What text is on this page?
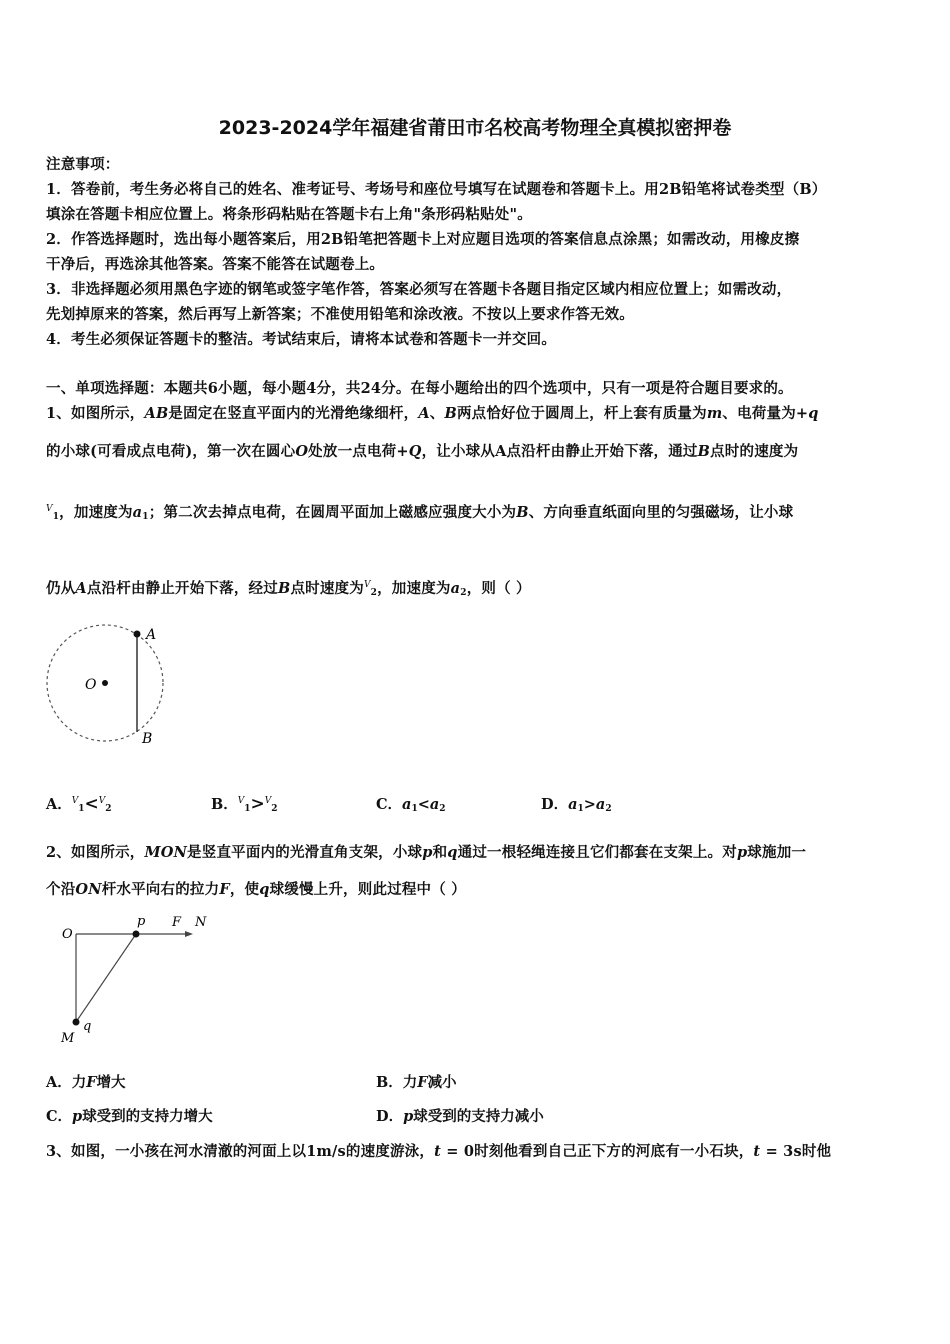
2023-2024学年福建省莆田市名校高考物理全真模拟密押卷
注意事项：
1．答卷前，考生务必将自己的姓名、准考证号、考场号和座位号填写在试题卷和答题卡上。用2B铅笔将试卷类型（B）
填涂在答题卡相应位置上。将条形码粘贴在答题卡右上角"条形码粘贴处"。
2．作答选择题时，选出每小题答案后，用2B铅笔把答题卡上对应题目选项的答案信息点涂黑；如需改动，用橡皮擦
干净后，再选涂其他答案。答案不能答在试题卷上。
3．非选择题必须用黑色字迹的钢笔或签字笔作答，答案必须写在答题卡各题目指定区域内相应位置上；如需改动，
先划掉原来的答案，然后再写上新答案；不准使用铅笔和涂改液。不按以上要求作答无效。
4．考生必须保证答题卡的整洁。考试结束后，请将本试卷和答题卡一并交回。
一、单项选择题：本题共6小题，每小题4分，共24分。在每小题给出的四个选项中，只有一项是符合题目要求的。
1、如图所示，AB是固定在竖直平面内的光滑绝缘细杆，A、B两点恰好位于圆周上，杆上套有质量为m、电荷量为+q
的小球(可看成点电荷)，第一次在圆心O处放一点电荷+Q，让小球从A点沿杆由静止开始下落，通过B点时的速度为
$^V_1$，加速度为$a_1$；第二次去掉点电荷，在圆周平面加上磁感应强度大小为B、方向垂直纸面向里的匀强磁场，让小球
仍从A点沿杆由静止开始下落，经过B点时速度为$^V_2$，加速度为$a_2$，则（ ）
O
A
B
A．$^V_1$<$^V_2$	B．$^V_1$>$^V_2$	C．$a_1<a_2$	D．$a_1>a_2$
2、如图所示，MON是竖直平面内的光滑直角支架，小球p和q通过一根轻绳连接且它们都套在支架上。对p球施加一
个沿ON杆水平向右的拉力F，使q球缓慢上升，则此过程中（ ）
O
p F N
M
q
A．力F增大	B．力F减小
C．p球受到的支持力增大	D．p球受到的支持力减小
3、如图，一小孩在河水清澈的河面上以1m/s的速度游泳，t = 0时刻他看到自己正下方的河底有一小石块，t = 3s时他
